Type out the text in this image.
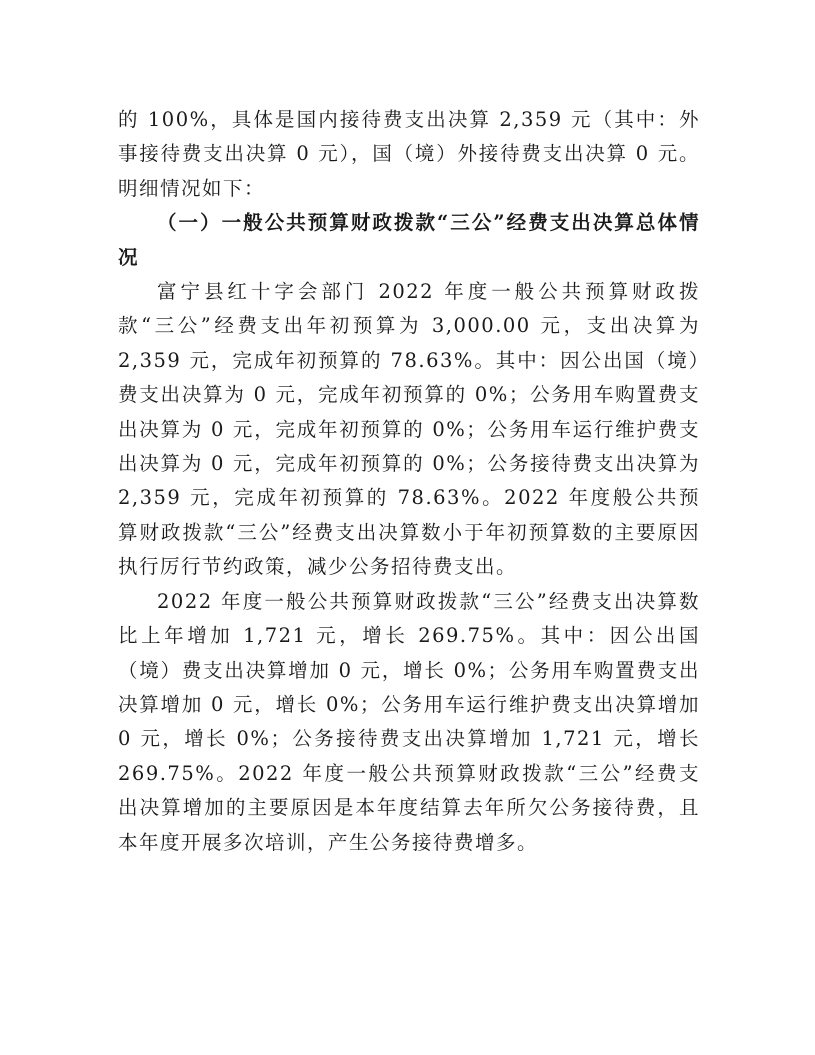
的 100%，具体是国内接待费支出决算 2,359 元（其中：外事接待费支出决算 0 元），国（境）外接待费支出决算 0 元。明细情况如下：

（一）一般公共预算财政拨款“三公”经费支出决算总体情况

富宁县红十字会部门 2022 年度一般公共预算财政拨款“三公”经费支出年初预算为 3,000.00 元，支出决算为 2,359 元，完成年初预算的 78.63%。其中：因公出国（境）费支出决算为 0 元，完成年初预算的 0%；公务用车购置费支出决算为 0 元，完成年初预算的 0%；公务用车运行维护费支出决算为 0 元，完成年初预算的 0%；公务接待费支出决算为 2,359 元，完成年初预算的 78.63%。2022 年度般公共预算财政拨款“三公”经费支出决算数小于年初预算数的主要原因执行厉行节约政策，减少公务招待费支出。

2022 年度一般公共预算财政拨款“三公”经费支出决算数比上年增加 1,721 元，增长 269.75%。其中：因公出国（境）费支出决算增加 0 元，增长 0%；公务用车购置费支出决算增加 0 元，增长 0%；公务用车运行维护费支出决算增加 0 元，增长 0%；公务接待费支出决算增加 1,721 元，增长 269.75%。2022 年度一般公共预算财政拨款“三公”经费支出决算增加的主要原因是本年度结算去年所欠公务接待费，且本年度开展多次培训，产生公务接待费增多。
